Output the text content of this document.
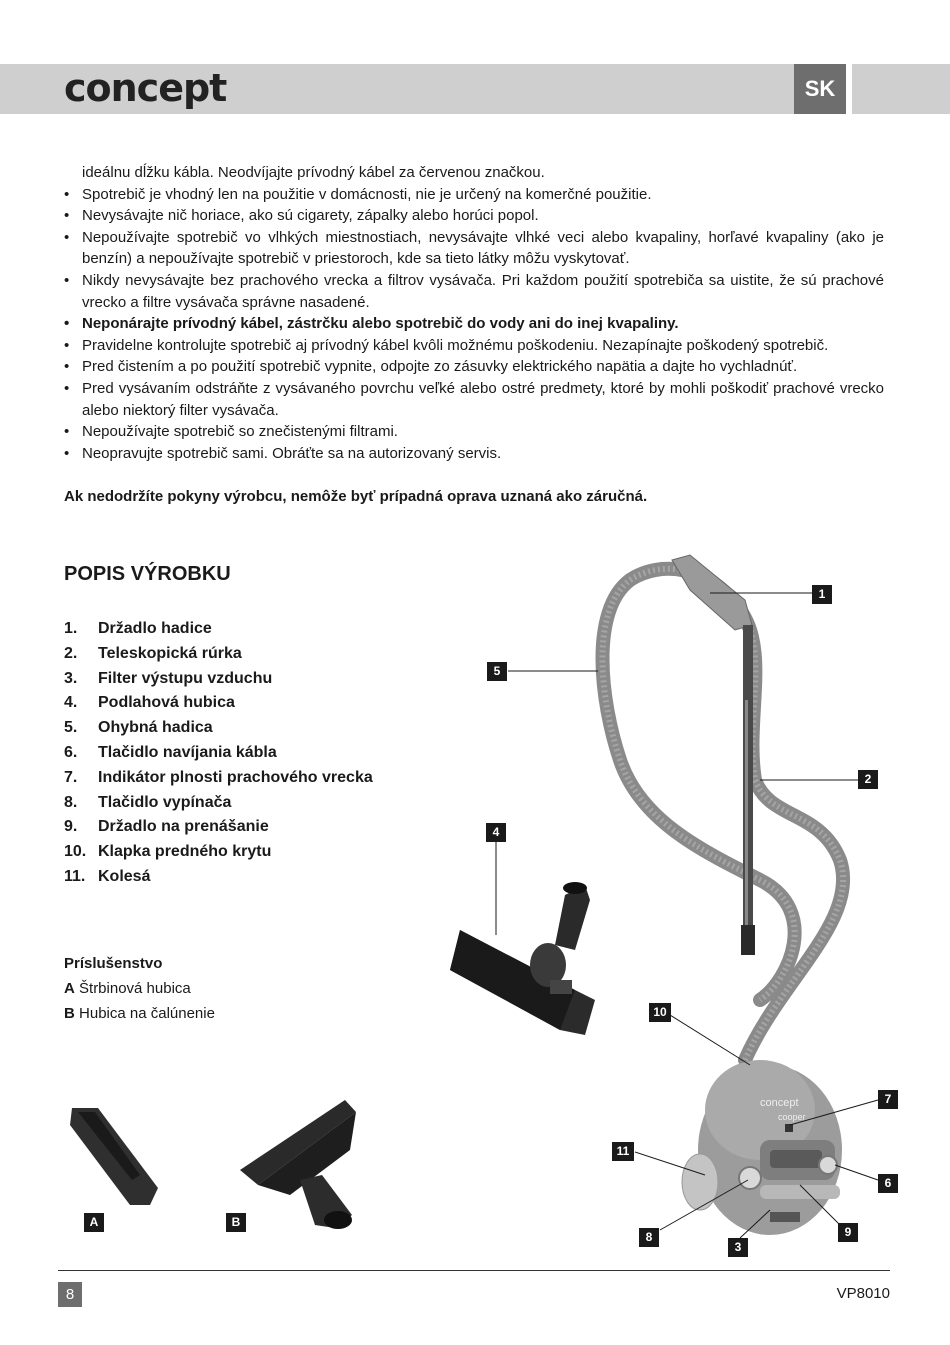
concept	SK
ideálnu dĺžku kábla. Neodvíjajte prívodný kábel za červenou značkou.
• Spotrebič je vhodný len na použitie v domácnosti, nie je určený na komerčné použitie.
• Nevysávajte nič horiace, ako sú cigarety, zápalky alebo horúci popol.
• Nepoužívajte spotrebič vo vlhkých miestnostiach, nevysávajte vlhké veci alebo kvapaliny, horľavé kvapaliny (ako je benzín) a nepoužívajte spotrebič v priestoroch, kde sa tieto látky môžu vyskytovať.
• Nikdy nevysávajte bez prachového vrecka a filtrov vysávača. Pri každom použití spotrebiča sa uistite, že sú prachové vrecko a filtre vysávača správne nasadené.
• Neponárajte prívodný kábel, zástrčku alebo spotrebič do vody ani do inej kvapaliny.
• Pravidelne kontrolujte spotrebič aj prívodný kábel kvôli možnému poškodeniu. Nezapínajte poškodený spotrebič.
• Pred čistením a po použití spotrebič vypnite, odpojte zo zásuvky elektrického napätia a dajte ho vychladnúť.
• Pred vysávaním odstráňte z vysávaného povrchu veľké alebo ostré predmety, ktoré by mohli poškodiť prachové vrecko alebo niektorý filter vysávača.
• Nepoužívajte spotrebič so znečistenými filtrami.
• Neopravujte spotrebič sami. Obráťte sa na autorizovaný servis.
Ak nedodržíte pokyny výrobcu, nemôže byť prípadná oprava uznaná ako záručná.
POPIS VÝROBKU
1. Držadlo hadice
2. Teleskopická rúrka
3. Filter výstupu vzduchu
4. Podlahová hubica
5. Ohybná hadica
6. Tlačidlo navíjania kábla
7. Indikátor plnosti prachového vrecka
8. Tlačidlo vypínača
9. Držadlo na prenášanie
10. Klapka predného krytu
11. Kolesá
Príslušenstvo
A Štrbinová hubica
B Hubica na čalúnenie
concept
cooper
1
2
3
4
5
6
7
8	9
10
11
A	B
8	VP8010
